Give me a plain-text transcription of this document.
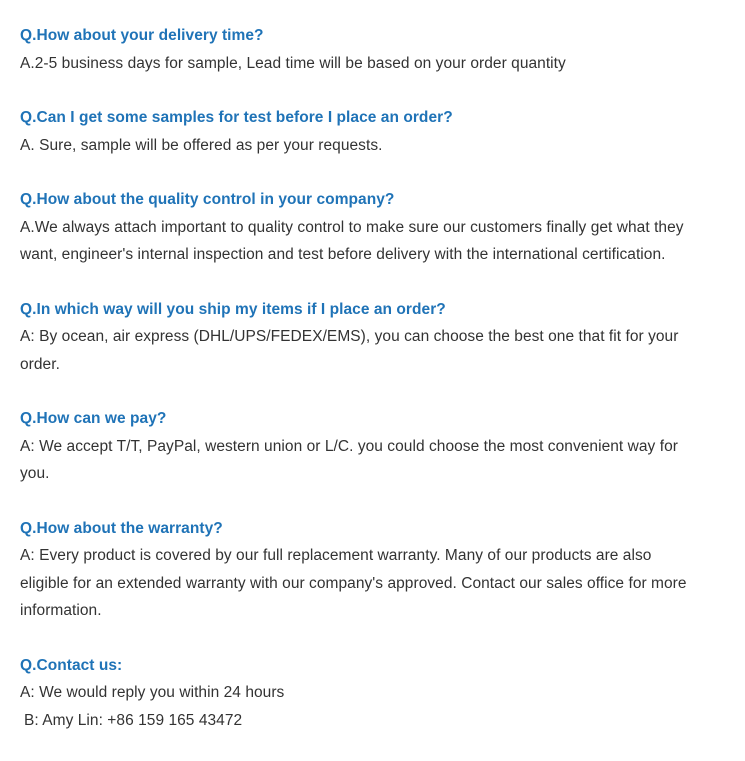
Q.How about your delivery time?
A.2-5 business days for sample, Lead time will be based on your order quantity
Q.Can I get some samples for test before I place an order?
A. Sure, sample will be offered as per your requests.
Q.How about the quality control in your company?
A.We always attach important to quality control to make sure our customers finally get what they
want, engineer's internal inspection and test before delivery with the international certification.
Q.In which way will you ship my items if I place an order?
A: By ocean, air express (DHL/UPS/FEDEX/EMS), you can choose the best one that fit for your
order.
Q.How can we pay?
A: We accept T/T, PayPal, western union or L/C. you could choose the most convenient way for
you.
Q.How about the warranty?
A: Every product is covered by our full replacement warranty. Many of our products are also
eligible for an extended warranty with our company's approved. Contact our sales office for more
information.
Q.Contact us:
A: We would reply you within 24 hours
B: Amy Lin: +86 159 165 43472
